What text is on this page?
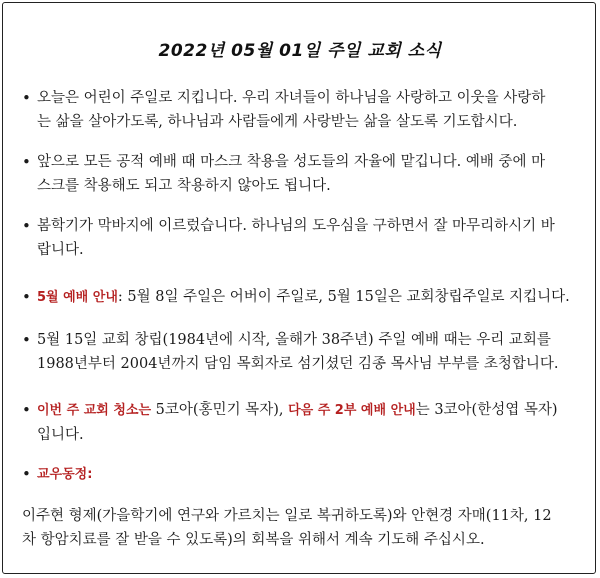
2022년 05월 01일 주일 교회 소식
•
오늘은 어린이 주일로 지킵니다. 우리 자녀들이 하나님을 사랑하고 이웃을 사랑하
는 삶을 살아가도록, 하나님과 사람들에게 사랑받는 삶을 살도록 기도합시다.
•
앞으로 모든 공적 예배 때 마스크 착용을 성도들의 자율에 맡깁니다. 예배 중에 마
스크를 착용해도 되고 착용하지 않아도 됩니다.
•
봄학기가 막바지에 이르렀습니다. 하나님의 도우심을 구하면서 잘 마무리하시기 바
랍니다.
•
5월 예배 안내: 5월 8일 주일은 어버이 주일로, 5월 15일은 교회창립주일로 지킵니다.
•
5월 15일 교회 창립(1984년에 시작, 올해가 38주년) 주일 예배 때는 우리 교회를
1988년부터 2004년까지 담임 목회자로 섬기셨던 김종 목사님 부부를 초청합니다.
•
이번 주 교회 청소는 5코아(홍민기 목자), 다음 주 2부 예배 안내는 3코아(한성엽 목자)
입니다.
•
교우동정:
이주현 형제(가을학기에 연구와 가르치는 일로 복귀하도록)와 안현경 자매(11차, 12
차 항암치료를 잘 받을 수 있도록)의 회복을 위해서 계속 기도해 주십시오.
